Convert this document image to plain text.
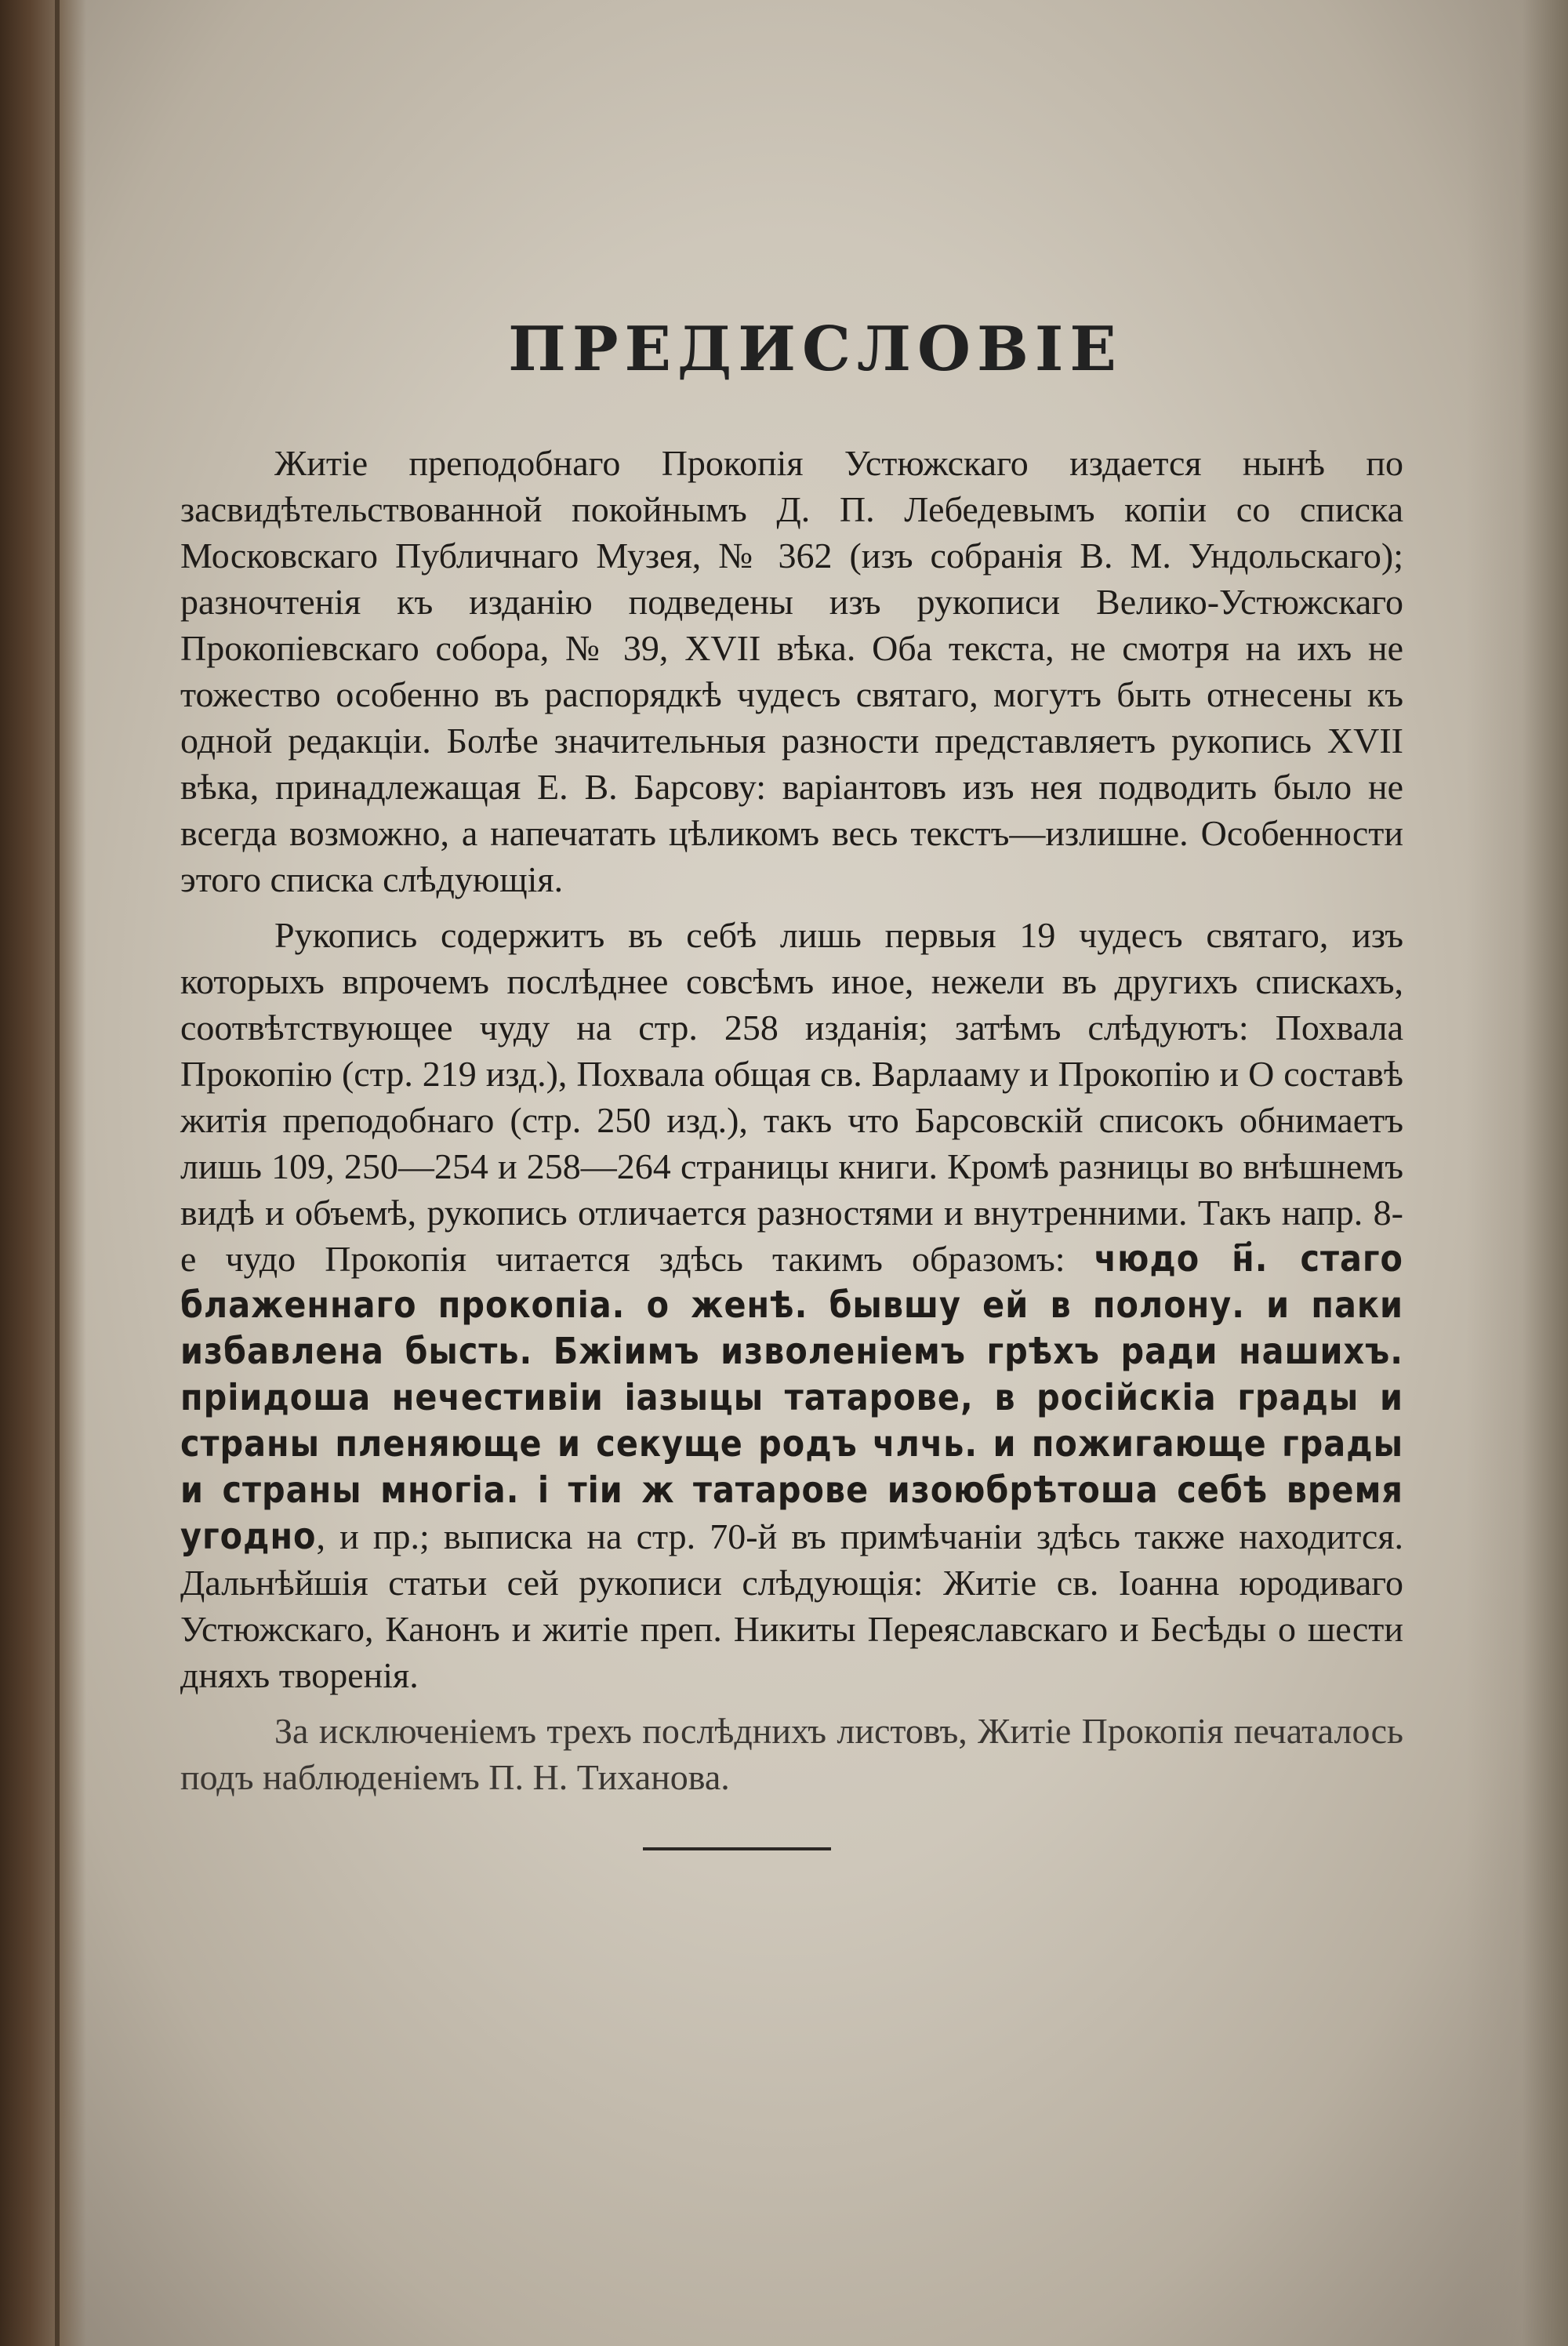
ПРЕДИСЛОВІЕ

Житіе преподобнаго Прокопія Устюжскаго издается нынѣ по засвидѣтельствованной покойнымъ Д. П. Лебедевымъ копіи со списка Московскаго Публичнаго Музея, № 362 (изъ собранія В. М. Ундольскаго); разночтенія къ изданію подведены изъ рукописи Велико-Устюжскаго Прокопіевскаго собора, № 39, XVII вѣка. Оба текста, не смотря на ихъ не тожество особенно въ распорядкѣ чудесъ святаго, могутъ быть отнесены къ одной редакціи. Болѣе значительныя разности представляетъ рукопись XVII вѣка, принадлежащая Е. В. Барсову: варіантовъ изъ нея подводить было не всегда возможно, а напечатать цѣликомъ весь текстъ—излишне. Особенности этого списка слѣдующія.

Рукопись содержитъ въ себѣ лишь первыя 19 чудесъ святаго, изъ которыхъ впрочемъ послѣднее совсѣмъ иное, нежели въ другихъ спискахъ, соотвѣтствующее чуду на стр. 258 изданія; затѣмъ слѣдуютъ: Похвала Прокопію (стр. 219 изд.), Похвала общая св. Варлааму и Прокопію и О составѣ житія преподобнаго (стр. 250 изд.), такъ что Барсовскій списокъ обнимаетъ лишь 109, 250—254 и 258—264 страницы книги. Кромѣ разницы во внѣшнемъ видѣ и объемѣ, рукопись отличается разностями и внутренними. Такъ напр. 8-е чудо Прокопія читается здѣсь такимъ образомъ: чюдо н҃. стаго блаженнаго прокопіа. о женѣ. бывшу ей в полону. и паки избавлена бысть. Бжіимъ изволеніемъ грѣхъ ради нашихъ. пріидоша нечестивіи іазыцы татарове, в російскіа грады и страны пленяюще и секуще родъ члчь. и пожигающе грады и страны многіа. і тіи ж татарове изоюбрѣтоша себѣ время угодно, и пр.; выписка на стр. 70-й въ примѣчаніи здѣсь также находится. Дальнѣйшія статьи сей рукописи слѣдующія: Житіе св. Іоанна юродиваго Устюжскаго, Канонъ и житіе преп. Никиты Переяславскаго и Бесѣды о шести дняхъ творенія.

За исключеніемъ трехъ послѣднихъ листовъ, Житіе Прокопія печаталось подъ наблюденіемъ П. Н. Тиханова.
